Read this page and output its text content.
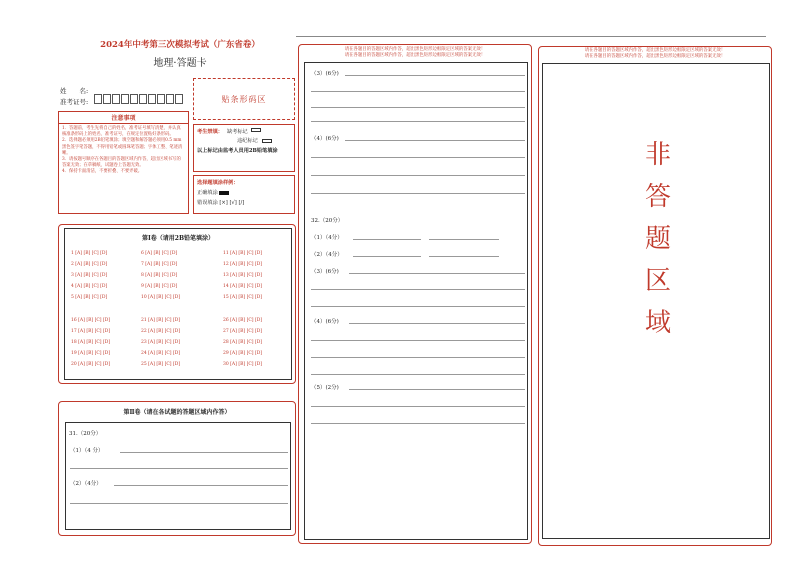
2024年中考第三次模拟考试（广东省卷）
地理·答题卡
姓　　名:
准考证号:	贴条形码区
注意事项
1．答题前，考生先将自己的姓名，准考证号填写清楚，并认真核准条形码上的姓名、准考证号，在规定位置贴好条形码。
2．选择题必须用2B铅笔填涂；填空题和解答题必须用0.5 mm黑色签字笔答题，不得用铅笔或圆珠笔答题；字体工整、笔迹清晰。
3．请按题号顺序在各题目的答题区域内作答，超出区域书写的答案无效；在草稿纸、试题卷上答题无效。
4．保持卡面清洁，不要折叠、不要弄破。
考生禁填： 缺考标记
违纪标记
以上标记由监考人员用2B铅笔填涂
选择题填涂样例：
正确填涂
错误填涂 [×] [√] [/]
第Ⅰ卷（请用2B铅笔填涂）
1 [A] [B] [C] [D]
2 [A] [B] [C] [D]
3 [A] [B] [C] [D]
4 [A] [B] [C] [D]
5 [A] [B] [C] [D]
6 [A] [B] [C] [D]
7 [A] [B] [C] [D]
8 [A] [B] [C] [D]
9 [A] [B] [C] [D]
10 [A] [B] [C] [D]
11 [A] [B] [C] [D]
12 [A] [B] [C] [D]
13 [A] [B] [C] [D]
14 [A] [B] [C] [D]
15 [A] [B] [C] [D]
16 [A] [B] [C] [D]
17 [A] [B] [C] [D]
18 [A] [B] [C] [D]
19 [A] [B] [C] [D]
20 [A] [B] [C] [D]
21 [A] [B] [C] [D]
22 [A] [B] [C] [D]
23 [A] [B] [C] [D]
24 [A] [B] [C] [D]
25 [A] [B] [C] [D]
26 [A] [B] [C] [D]
27 [A] [B] [C] [D]
28 [A] [B] [C] [D]
29 [A] [B] [C] [D]
30 [A] [B] [C] [D]
第Ⅱ卷（请在各试题的答题区域内作答）
31.（20分）
（1）（4 分）
（2）（4分）
请在各题目的答题区域内作答，超出黑色矩形边框限定区域的答案无效！
请在各题目的答题区域内作答，超出黑色矩形边框限定区域的答案无效！
（3）(6分)
（4）(6分)
32.（20分）
（1）（4分）
（2）（4分）
（3）(6分)
（4）(6分)
（5）(2分)
请在各题目的答题区域内作答，超出黑色矩形边框限定区域的答案无效！
请在各题目的答题区域内作答，超出黑色矩形边框限定区域的答案无效！
非
答
题
区
域
